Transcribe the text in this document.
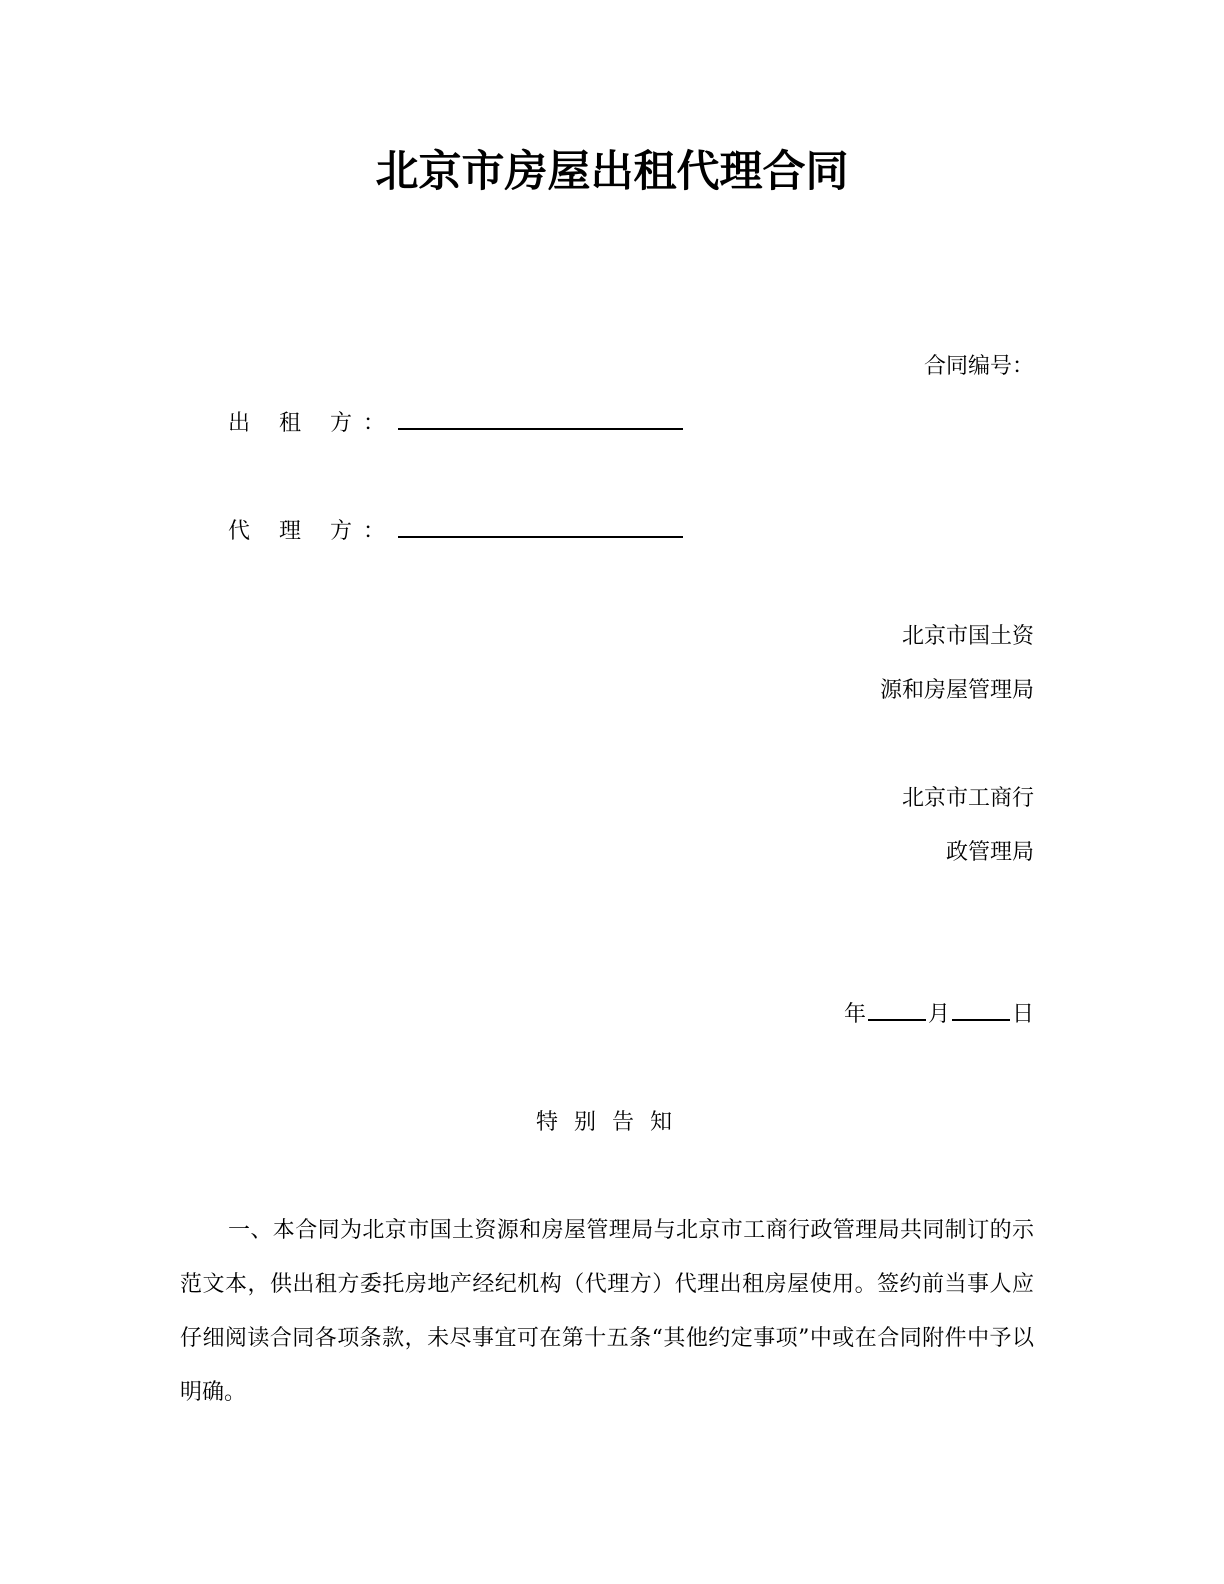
北京市房屋出租代理合同
合同编号：
出 租 方：
代 理 方：
北京市国土资
源和房屋管理局
北京市工商行
政管理局
年	月	日
特别告知

一、本合同为北京市国土资源和房屋管理局与北京市工商行政管理局共同制订的示范文本，供出租方委托房地产经纪机构（代理方）代理出租房屋使用。签约前当事人应仔细阅读合同各项条款，未尽事宜可在第十五条“其他约定事项”中或在合同附件中予以明确。
